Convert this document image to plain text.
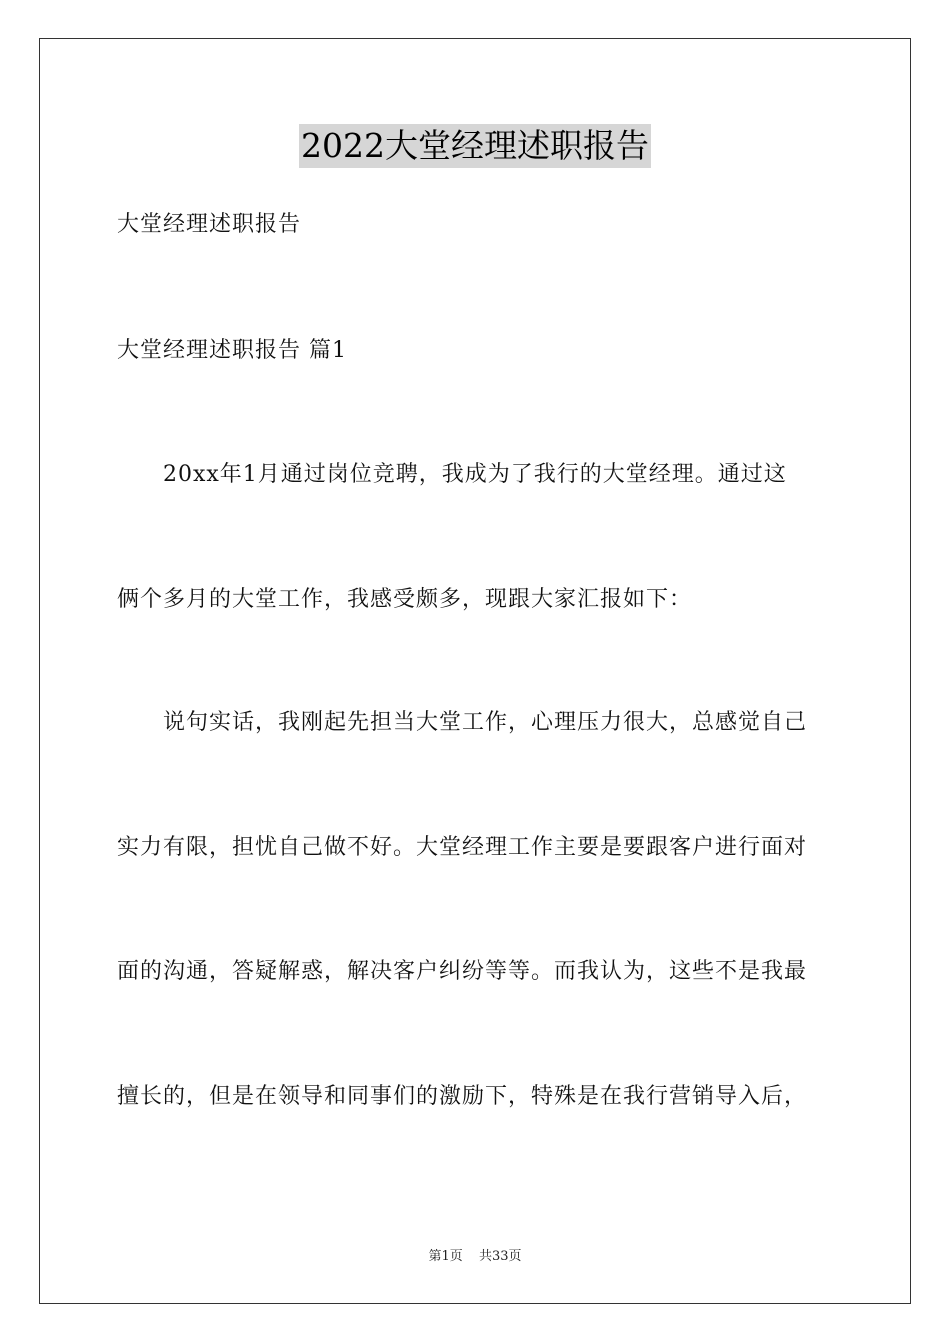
2022大堂经理述职报告
大堂经理述职报告
大堂经理述职报告 篇1
20xx年1月通过岗位竞聘，我成为了我行的大堂经理。通过这
俩个多月的大堂工作，我感受颇多，现跟大家汇报如下：
说句实话，我刚起先担当大堂工作，心理压力很大，总感觉自己
实力有限，担忧自己做不好。大堂经理工作主要是要跟客户进行面对
面的沟通，答疑解惑，解决客户纠纷等等。而我认为，这些不是我最
擅长的，但是在领导和同事们的激励下，特殊是在我行营销导入后，
第1页 共33页
